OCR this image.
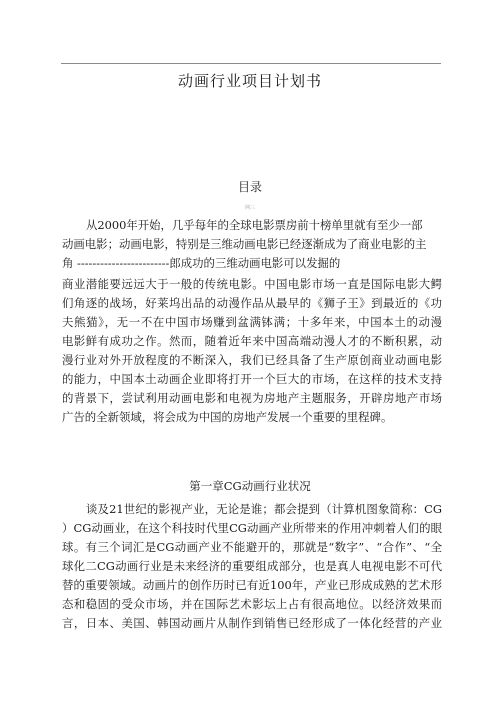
动画行业项目计划书
目录
网三
从2000年开始，几乎每年的全球电影票房前十榜单里就有至少一部
动画电影；动画电影，特别是三维动画电影已经逐渐成为了商业电影的主
角 ------------------------郎成功的三维动画电影可以发掘的
商业潜能要远远大于一般的传统电影。中国电影市场一直是国际电影大鳄
们角逐的战场，好莱坞出品的动漫作品从最早的《狮子王》到最近的《功
夫熊猫》，无一不在中国市场赚到盆满钵满；十多年来，中国本土的动漫
电影鲜有成功之作。然而，随着近年来中国高端动漫人才的不断积累，动
漫行业对外开放程度的不断深入，我们已经具备了生产原创商业动画电影
的能力，中国本土动画企业即将打开一个巨大的市场，在这样的技术支持
的背景下，尝试利用动画电影和电视为房地产主题服务，开辟房地产市场
广告的全新领域，将会成为中国的房地产发展一个重要的里程碑。
第一章CG动画行业状况
谈及21世纪的影视产业，无论是谁；都会提到（计算机图象简称：CG
）CG动画业，在这个科技时代里CG动画产业所带来的作用冲刺着人们的眼
球。有三个词汇是CG动画产业不能避开的，那就是“数字”、“合作”、“全
球化二CG动画行业是未来经济的重要组成部分，也是真人电视电影不可代
替的重要领域。动画片的创作历时已有近100年，产业已形成成熟的艺术形
态和稳固的受众市场，并在国际艺术影坛上占有很高地位。以经济效果而
言，日本、美国、韩国动画片从制作到销售已经形成了一体化经营的产业
